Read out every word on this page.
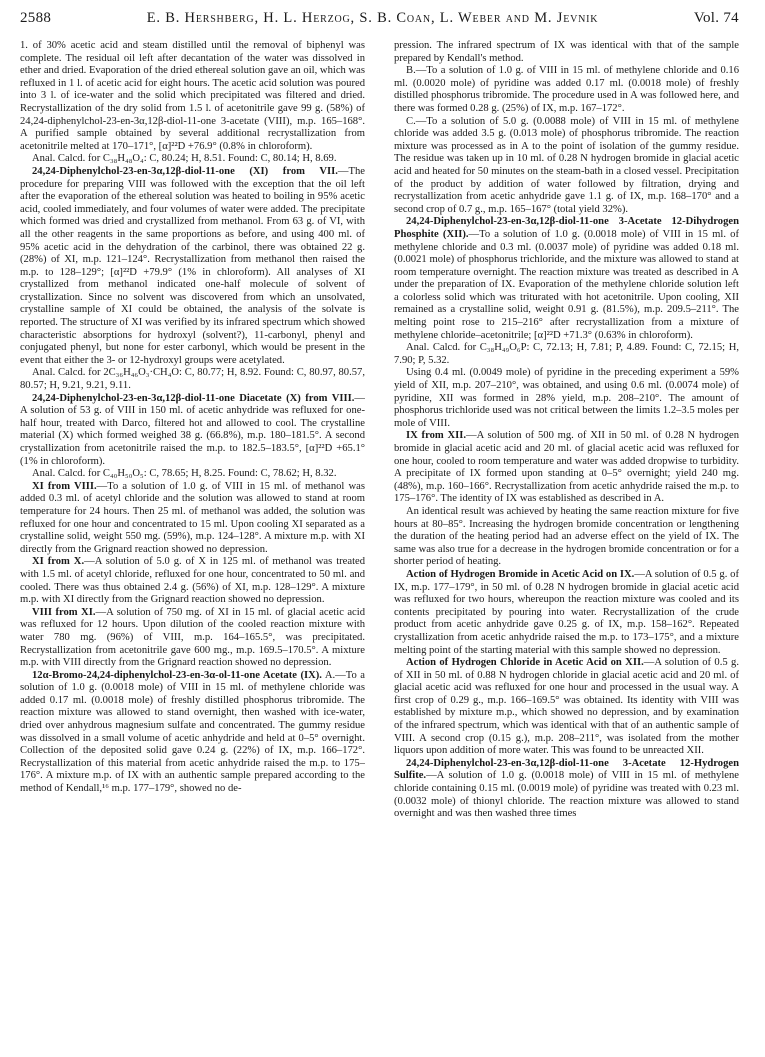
2588	E. B. Hershberg, H. L. Herzog, S. B. Coan, L. Weber and M. Jevnik	Vol. 74

1. of 30% acetic acid and steam distilled until the removal of biphenyl was complete. The residual oil left after decantation of the water was dissolved in ether and dried. Evaporation of the dried ethereal solution gave an oil, which was refluxed in 1 l. of acetic acid for eight hours. The acetic acid solution was poured into 3 l. of ice-water and the solid which precipitated was filtered and dried. Recrystallization of the dry solid from 1.5 l. of acetonitrile gave 99 g. (58%) of 24,24-diphenylchol-23-en-3α,12β-diol-11-one 3-acetate (VIII), m.p. 165–168°. A purified sample obtained by several additional recrystallization from acetonitrile melted at 170–171°, [α]²²D +76.9° (0.8% in chloroform).

Anal. Calcd. for C₃₈H₄₈O₄: C, 80.24; H, 8.51. Found: C, 80.14; H, 8.69.

24,24-Diphenylchol-23-en-3α,12β-diol-11-one (XI) from VII.—The procedure for preparing VIII was followed with the exception that the oil left after the evaporation of the ethereal solution was heated to boiling in 95% acetic acid, cooled immediately, and four volumes of water were added. The precipitate which formed was dried and crystallized from methanol. From 63 g. of VI, with all the other reagents in the same proportions as before, and using 400 ml. of 95% acetic acid in the dehydration of the carbinol, there was obtained 22 g. (28%) of XI, m.p. 121–124°. Recrystallization from methanol then raised the m.p. to 128–129°; [α]²²D +79.9° (1% in chloroform). All analyses of XI crystallized from methanol indicated one-half molecule of solvent of crystallization. Since no solvent was discovered from which an unsolvated, crystalline sample of XI could be obtained, the analysis of the solvate is reported. The structure of XI was verified by its infrared spectrum which showed characteristic absorptions for hydroxyl (solvent?), 11-carbonyl, phenyl and conjugated phenyl, but none for ester carbonyl, which would be present in the event that either the 3- or 12-hydroxyl groups were acetylated.

Anal. Calcd. for 2C₃₆H₄₆O₃·CH₄O: C, 80.77; H, 8.92. Found: C, 80.97, 80.57, 80.57; H, 9.21, 9.21, 9.11.

24,24-Diphenylchol-23-en-3α,12β-diol-11-one Diacetate (X) from VIII.—A solution of 53 g. of VIII in 150 ml. of acetic anhydride was refluxed for one-half hour, treated with Darco, filtered hot and allowed to cool. The crystalline material (X) which formed weighed 38 g. (66.8%), m.p. 180–181.5°. A second crystallization from acetonitrile raised the m.p. to 182.5–183.5°, [α]²²D +65.1° (1% in chloroform).

Anal. Calcd. for C₄₀H₅₀O₅: C, 78.65; H, 8.25. Found: C, 78.62; H, 8.32.

XI from VIII.—To a solution of 1.0 g. of VIII in 15 ml. of methanol was added 0.3 ml. of acetyl chloride and the solution was allowed to stand at room temperature for 24 hours. Then 25 ml. of methanol was added, the solution was refluxed for one hour and concentrated to 15 ml. Upon cooling XI separated as a crystalline solid, weight 550 mg. (59%), m.p. 124–128°. A mixture m.p. with XI directly from the Grignard reaction showed no depression.

XI from X.—A solution of 5.0 g. of X in 125 ml. of methanol was treated with 1.5 ml. of acetyl chloride, refluxed for one hour, concentrated to 50 ml. and cooled. There was thus obtained 2.4 g. (56%) of XI, m.p. 128–129°. A mixture m.p. with XI directly from the Grignard reaction showed no depression.

VIII from XI.—A solution of 750 mg. of XI in 15 ml. of glacial acetic acid was refluxed for 12 hours. Upon dilution of the cooled reaction mixture with water 780 mg. (96%) of VIII, m.p. 164–165.5°, was precipitated. Recrystallization from acetonitrile gave 600 mg., m.p. 169.5–170.5°. A mixture m.p. with VIII directly from the Grignard reaction showed no depression.

12α-Bromo-24,24-diphenylchol-23-en-3α-ol-11-one Acetate (IX). A.—To a solution of 1.0 g. (0.0018 mole) of VIII in 15 ml. of methylene chloride was added 0.17 ml. (0.0018 mole) of freshly distilled phosphorus tribromide. The reaction mixture was allowed to stand overnight, then washed with ice-water, dried over anhydrous magnesium sulfate and concentrated. The gummy residue was dissolved in a small volume of acetic anhydride and held at 0–5° overnight. Collection of the deposited solid gave 0.24 g. (22%) of IX, m.p. 166–172°. Recrystallization of this material from acetic anhydride raised the m.p. to 175–176°. A mixture m.p. of IX with an authentic sample prepared according to the method of Kendall,¹⁶ m.p. 177–179°, showed no de-

pression. The infrared spectrum of IX was identical with that of the sample prepared by Kendall's method.

B.—To a solution of 1.0 g. of VIII in 15 ml. of methylene chloride and 0.16 ml. (0.0020 mole) of pyridine was added 0.17 ml. (0.0018 mole) of freshly distilled phosphorus tribromide. The procedure used in A was followed here, and there was formed 0.28 g. (25%) of IX, m.p. 167–172°.

C.—To a solution of 5.0 g. (0.0088 mole) of VIII in 15 ml. of methylene chloride was added 3.5 g. (0.013 mole) of phosphorus tribromide. The reaction mixture was processed as in A to the point of isolation of the gummy residue. The residue was taken up in 10 ml. of 0.28 N hydrogen bromide in glacial acetic acid and heated for 50 minutes on the steam-bath in a closed vessel. Precipitation of the product by addition of water followed by filtration, drying and recrystallization from acetic anhydride gave 1.1 g. of IX, m.p. 168–170° and a second crop of 0.7 g., m.p. 165–167° (total yield 32%).

24,24-Diphenylchol-23-en-3α,12β-diol-11-one 3-Acetate 12-Dihydrogen Phosphite (XII).—To a solution of 1.0 g. (0.0018 mole) of VIII in 15 ml. of methylene chloride and 0.3 ml. (0.0037 mole) of pyridine was added 0.18 ml. (0.0021 mole) of phosphorus trichloride, and the mixture was allowed to stand at room temperature overnight. The reaction mixture was treated as described in A under the preparation of IX. Evaporation of the methylene chloride solution left a colorless solid which was triturated with hot acetonitrile. Upon cooling, XII remained as a crystalline solid, weight 0.91 g. (81.5%), m.p. 209.5–211°. The melting point rose to 215–216° after recrystallization from a mixture of methylene chloride–acetonitrile; [α]²²D +71.3° (0.63% in chloroform).

Anal. Calcd. for C₃₈H₄₉O₆P: C, 72.13; H, 7.81; P, 4.89. Found: C, 72.15; H, 7.90; P, 5.32.

Using 0.4 ml. (0.0049 mole) of pyridine in the preceding experiment a 59% yield of XII, m.p. 207–210°, was obtained, and using 0.6 ml. (0.0074 mole) of pyridine, XII was formed in 28% yield, m.p. 208–210°. The amount of phosphorus trichloride used was not critical between the limits 1.2–3.5 moles per mole of VIII.

IX from XII.—A solution of 500 mg. of XII in 50 ml. of 0.28 N hydrogen bromide in glacial acetic acid and 20 ml. of glacial acetic acid was refluxed for one hour, cooled to room temperature and water was added dropwise to turbidity. A precipitate of IX formed upon standing at 0–5° overnight; yield 240 mg. (48%), m.p. 160–166°. Recrystallization from acetic anhydride raised the m.p. to 175–176°. The identity of IX was established as described in A.

An identical result was achieved by heating the same reaction mixture for five hours at 80–85°. Increasing the hydrogen bromide concentration or lengthening the duration of the heating period had an adverse effect on the yield of IX. The same was also true for a decrease in the hydrogen bromide concentration or for a shorter period of heating.

Action of Hydrogen Bromide in Acetic Acid on IX.—A solution of 0.5 g. of IX, m.p. 177–179°, in 50 ml. of 0.28 N hydrogen bromide in glacial acetic acid was refluxed for two hours, whereupon the reaction mixture was cooled and its contents precipitated by pouring into water. Recrystallization of the crude product from acetic anhydride gave 0.25 g. of IX, m.p. 158–162°. Repeated crystallization from acetic anhydride raised the m.p. to 173–175°, and a mixture melting point of the starting material with this sample showed no depression.

Action of Hydrogen Chloride in Acetic Acid on XII.—A solution of 0.5 g. of XII in 50 ml. of 0.88 N hydrogen chloride in glacial acetic acid and 20 ml. of glacial acetic acid was refluxed for one hour and processed in the usual way. A first crop of 0.29 g., m.p. 166–169.5° was obtained. Its identity with VIII was established by mixture m.p., which showed no depression, and by examination of the infrared spectrum, which was identical with that of an authentic sample of VIII. A second crop (0.15 g.), m.p. 208–211°, was isolated from the mother liquors upon addition of more water. This was found to be unreacted XII.

24,24-Diphenylchol-23-en-3α,12β-diol-11-one 3-Acetate 12-Hydrogen Sulfite.—A solution of 1.0 g. (0.0018 mole) of VIII in 15 ml. of methylene chloride containing 0.15 ml. (0.0019 mole) of pyridine was treated with 0.23 ml. (0.0032 mole) of thionyl chloride. The reaction mixture was allowed to stand overnight and was then washed three times
